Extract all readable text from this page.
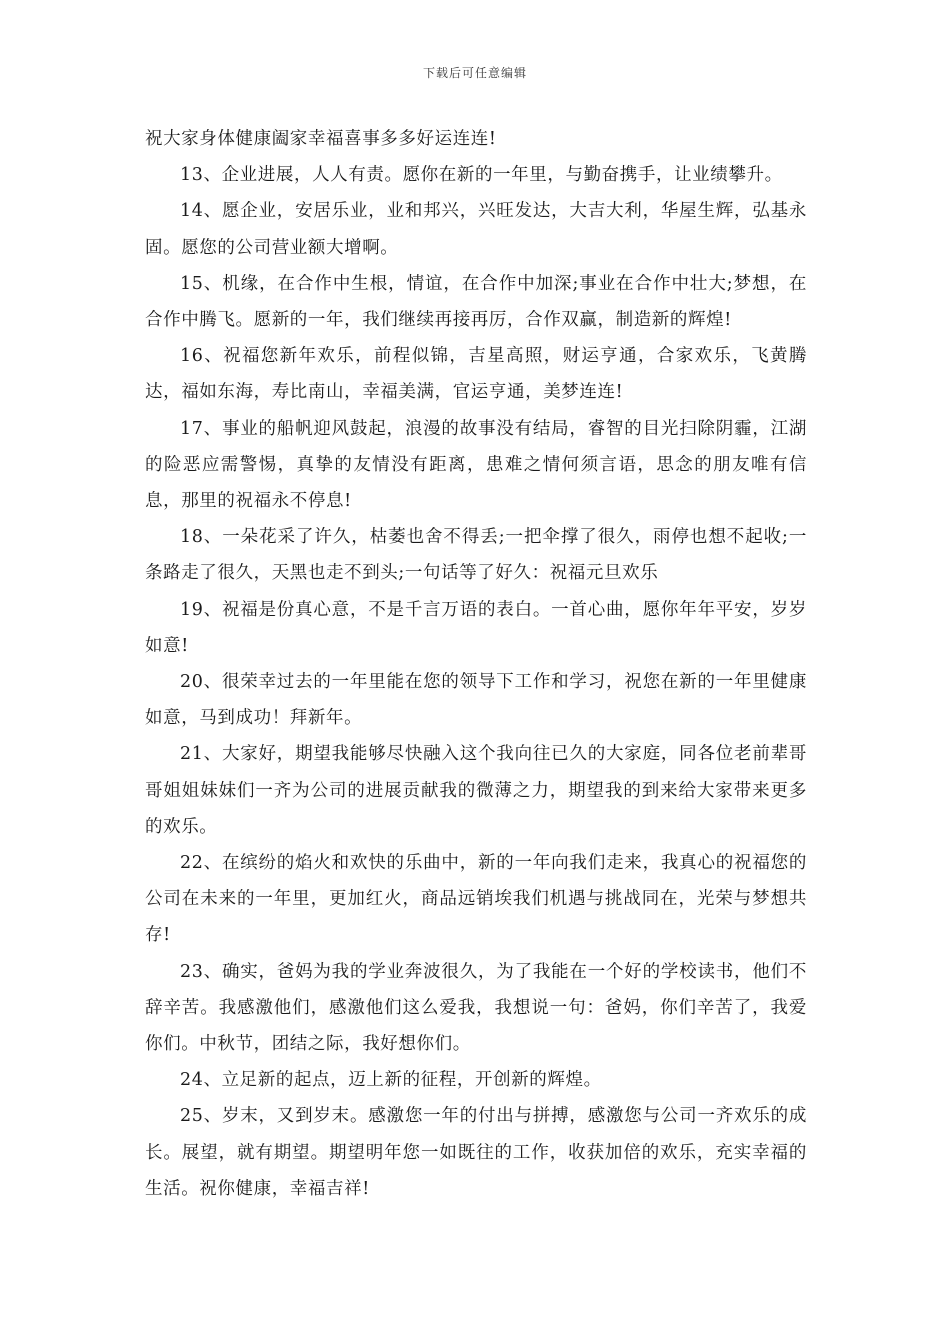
下载后可任意编辑

祝大家身体健康阖家幸福喜事多多好运连连!

13、企业进展，人人有责。愿你在新的一年里，与勤奋携手，让业绩攀升。

14、愿企业，安居乐业，业和邦兴，兴旺发达，大吉大利，华屋生辉，弘基永固。愿您的公司营业额大增啊。

15、机缘，在合作中生根，情谊，在合作中加深;事业在合作中壮大;梦想，在合作中腾飞。愿新的一年，我们继续再接再厉，合作双赢，制造新的辉煌!

16、祝福您新年欢乐，前程似锦，吉星高照，财运亨通，合家欢乐，飞黄腾达，福如东海，寿比南山，幸福美满，官运亨通，美梦连连!

17、事业的船帆迎风鼓起，浪漫的故事没有结局，睿智的目光扫除阴霾，江湖的险恶应需警惕，真挚的友情没有距离，患难之情何须言语，思念的朋友唯有信息，那里的祝福永不停息!

18、一朵花采了许久，枯萎也舍不得丢;一把伞撑了很久，雨停也想不起收;一条路走了很久，天黑也走不到头;一句话等了好久：祝福元旦欢乐

19、祝福是份真心意，不是千言万语的表白。一首心曲，愿你年年平安，岁岁如意!

20、很荣幸过去的一年里能在您的领导下工作和学习，祝您在新的一年里健康如意，马到成功！拜新年。

21、大家好，期望我能够尽快融入这个我向往已久的大家庭，同各位老前辈哥哥姐姐妹妹们一齐为公司的进展贡献我的微薄之力，期望我的到来给大家带来更多的欢乐。

22、在缤纷的焰火和欢快的乐曲中，新的一年向我们走来，我真心的祝福您的公司在未来的一年里，更加红火，商品远销埃我们机遇与挑战同在，光荣与梦想共存!

23、确实，爸妈为我的学业奔波很久，为了我能在一个好的学校读书，他们不辞辛苦。我感激他们，感激他们这么爱我，我想说一句：爸妈，你们辛苦了，我爱你们。中秋节，团结之际，我好想你们。

24、立足新的起点，迈上新的征程，开创新的辉煌。

25、岁末，又到岁末。感激您一年的付出与拼搏，感激您与公司一齐欢乐的成长。展望，就有期望。期望明年您一如既往的工作，收获加倍的欢乐，充实幸福的生活。祝你健康，幸福吉祥!
